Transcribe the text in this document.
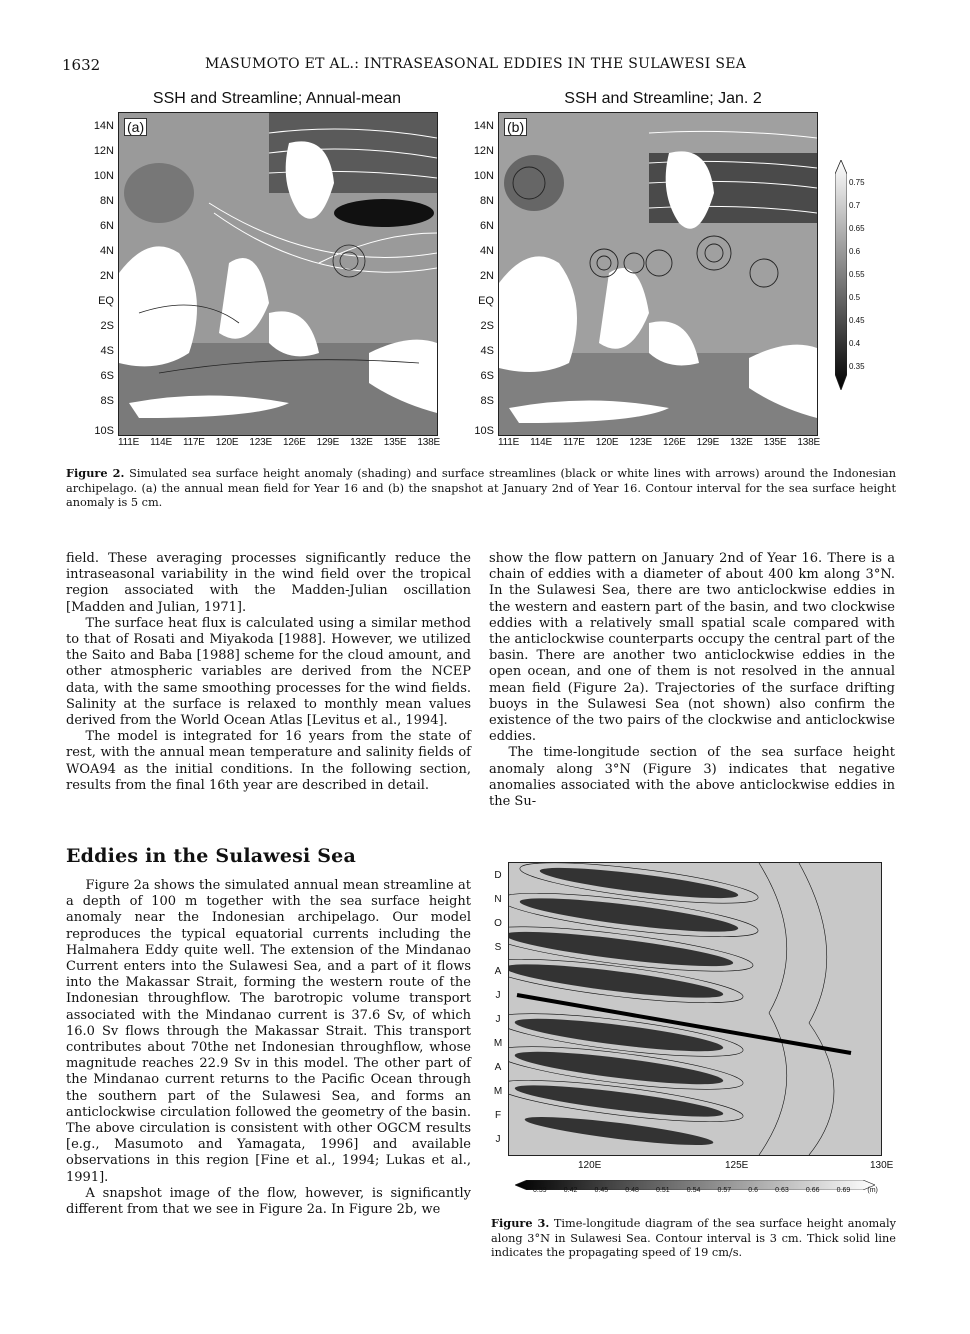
1632	MASUMOTO ET AL.: INTRASEASONAL EDDIES IN THE SULAWESI SEA
SSH and Streamline; Annual-mean	SSH and Streamline; Jan. 2
(a)	(b)
14N
12N
10N
8N
6N
4N
2N
EQ
2S
4S
6S
8S
10S
14N
12N
10N
8N
6N
4N
2N
EQ
2S
4S
6S
8S
10S
111E 114E 117E 120E 123E 126E 129E 132E 135E 138E	111E 114E 117E 120E 123E 126E 129E 132E 135E 138E
0.75
0.7
0.65
0.6
0.55
0.5
0.45
0.4
0.35
Figure 2. Simulated sea surface height anomaly (shading) and surface streamlines (black or white lines with arrows) around the Indonesian archipelago. (a) the annual mean field for Year 16 and (b) the snapshot at January 2nd of Year 16. Contour interval for the sea surface height anomaly is 5 cm.

field. These averaging processes significantly reduce the intraseasonal variability in the wind field over the tropical region associated with the Madden-Julian oscillation [Madden and Julian, 1971].

The surface heat flux is calculated using a similar method to that of Rosati and Miyakoda [1988]. However, we utilized the Saito and Baba [1988] scheme for the cloud amount, and other atmospheric variables are derived from the NCEP data, with the same smoothing processes for the wind fields. Salinity at the surface is relaxed to monthly mean values derived from the World Ocean Atlas [Levitus et al., 1994].

The model is integrated for 16 years from the state of rest, with the annual mean temperature and salinity fields of WOA94 as the initial conditions. In the following section, results from the final 16th year are described in detail.

Eddies in the Sulawesi Sea

Figure 2a shows the simulated annual mean streamline at a depth of 100 m together with the sea surface height anomaly near the Indonesian archipelago. Our model reproduces the typical equatorial currents including the Halmahera Eddy quite well. The extension of the Mindanao Current enters into the Sulawesi Sea, and a part of it flows into the Makassar Strait, forming the western route of the Indonesian throughflow. The barotropic volume transport associated with the Mindanao current is 37.6 Sv, of which 16.0 Sv flows through the Makassar Strait. This transport contributes about 70the net Indonesian throughflow, whose magnitude reaches 22.9 Sv in this model. The other part of the Mindanao current returns to the Pacific Ocean through the southern part of the Sulawesi Sea, and forms an anticlockwise circulation followed the geometry of the basin. The above circulation is consistent with other OGCM results [e.g., Masumoto and Yamagata, 1996] and available observations in this region [Fine et al., 1994; Lukas et al., 1991].

A snapshot image of the flow, however, is significantly different from that we see in Figure 2a. In Figure 2b, we

show the flow pattern on January 2nd of Year 16. There is a chain of eddies with a diameter of about 400 km along 3°N. In the Sulawesi Sea, there are two anticlockwise eddies in the western and eastern part of the basin, and two clockwise eddies with a relatively small spatial scale compared with the anticlockwise counterparts occupy the central part of the basin. There are another two anticlockwise eddies in the open ocean, and one of them is not resolved in the annual mean field (Figure 2a). Trajectories of the surface drifting buoys in the Sulawesi Sea (not shown) also confirm the existence of the two pairs of the clockwise and anticlockwise eddies.

The time-longitude section of the sea surface height anomaly along 3°N (Figure 3) indicates that negative anomalies associated with the above anticlockwise eddies in the Su-

D
N
O
S
A
J
J
M
A
M
F
J
120E	125E	130E
0.39 0.42 0.45 0.48 0.51 0.54 0.57 0.6 0.63 0.66 0.69 (m)
Figure 3. Time-longitude diagram of the sea surface height anomaly along 3°N in Sulawesi Sea. Contour interval is 3 cm. Thick solid line indicates the propagating speed of 19 cm/s.
